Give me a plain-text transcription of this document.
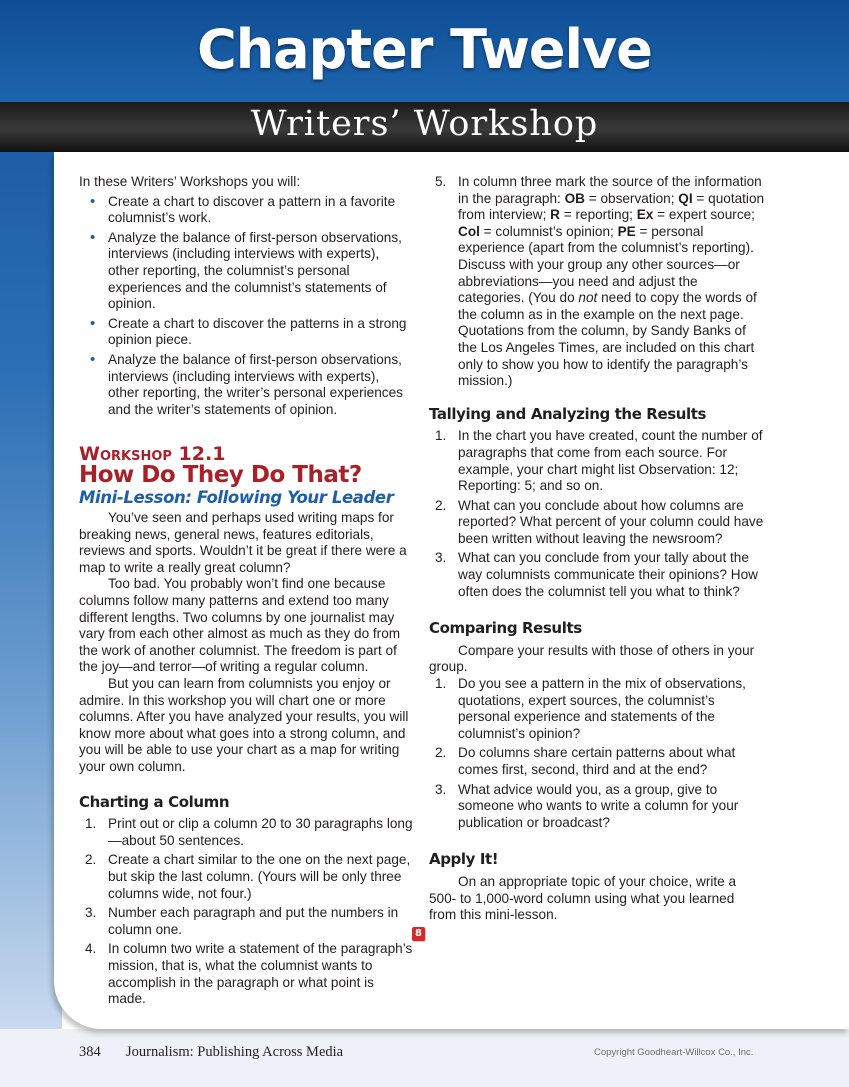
Chapter Twelve
Writers’ Workshop

In these Writers’ Workshops you will:

• Create a chart to discover a pattern in a favorite columnist’s work.
• Analyze the balance of first-person observations, interviews (including interviews with experts), other reporting, the columnist’s personal experiences and the columnist’s statements of opinion.
• Create a chart to discover the patterns in a strong opinion piece.
• Analyze the balance of first-person observations, interviews (including interviews with experts), other reporting, the writer’s personal experiences and the writer’s statements of opinion.
Workshop 12.1
How Do They Do That?
Mini-Lesson: Following Your Leader

You’ve seen and perhaps used writing maps for breaking news, general news, features editorials, reviews and sports. Wouldn’t it be great if there were a map to write a really great column?

Too bad. You probably won’t find one because columns follow many patterns and extend too many different lengths. Two columns by one journalist may vary from each other almost as much as they do from the work of another columnist. The freedom is part of the joy—and terror—of writing a regular column.

But you can learn from columnists you enjoy or admire. In this workshop you will chart one or more columns. After you have analyzed your results, you will know more about what goes into a strong column, and you will be able to use your chart as a map for writing your own column.

Charting a Column
1. Print out or clip a column 20 to 30 paragraphs long—about 50 sentences.
2. Create a chart similar to the one on the next page, but skip the last column. (Yours will be only three columns wide, not four.)
3. Number each paragraph and put the numbers in column one.
4. In column two write a statement of the paragraph’s mission, that is, what the columnist wants to accomplish in the paragraph or what point is made.
5. In column three mark the source of the information in the paragraph: OB = observation; QI = quotation from interview; R = reporting; Ex = expert source; Col = columnist’s opinion; PE = personal experience (apart from the columnist’s reporting). Discuss with your group any other sources—or abbreviations—you need and adjust the categories. (You do not need to copy the words of the column as in the example on the next page. Quotations from the column, by Sandy Banks of the Los Angeles Times, are included on this chart only to show you how to identify the paragraph’s mission.)
Tallying and Analyzing the Results
1. In the chart you have created, count the number of paragraphs that come from each source. For example, your chart might list Observation: 12; Reporting: 5; and so on.
2. What can you conclude about how columns are reported? What percent of your column could have been written without leaving the newsroom?
3. What can you conclude from your tally about the way columnists communicate their opinions? How often does the columnist tell you what to think?
Comparing Results

Compare your results with those of others in your group.

1. Do you see a pattern in the mix of observations, quotations, expert sources, the columnist’s personal experience and statements of the columnist’s opinion?
2. Do columns share certain patterns about what comes first, second, third and at the end?
3. What advice would you, as a group, give to someone who wants to write a column for your publication or broadcast?
Apply It!

On an appropriate topic of your choice, write a 500- to 1,000-word column using what you learned from this mini-lesson.

8
384 Journalism: Publishing Across Media	Copyright Goodheart-Willcox Co., Inc.
